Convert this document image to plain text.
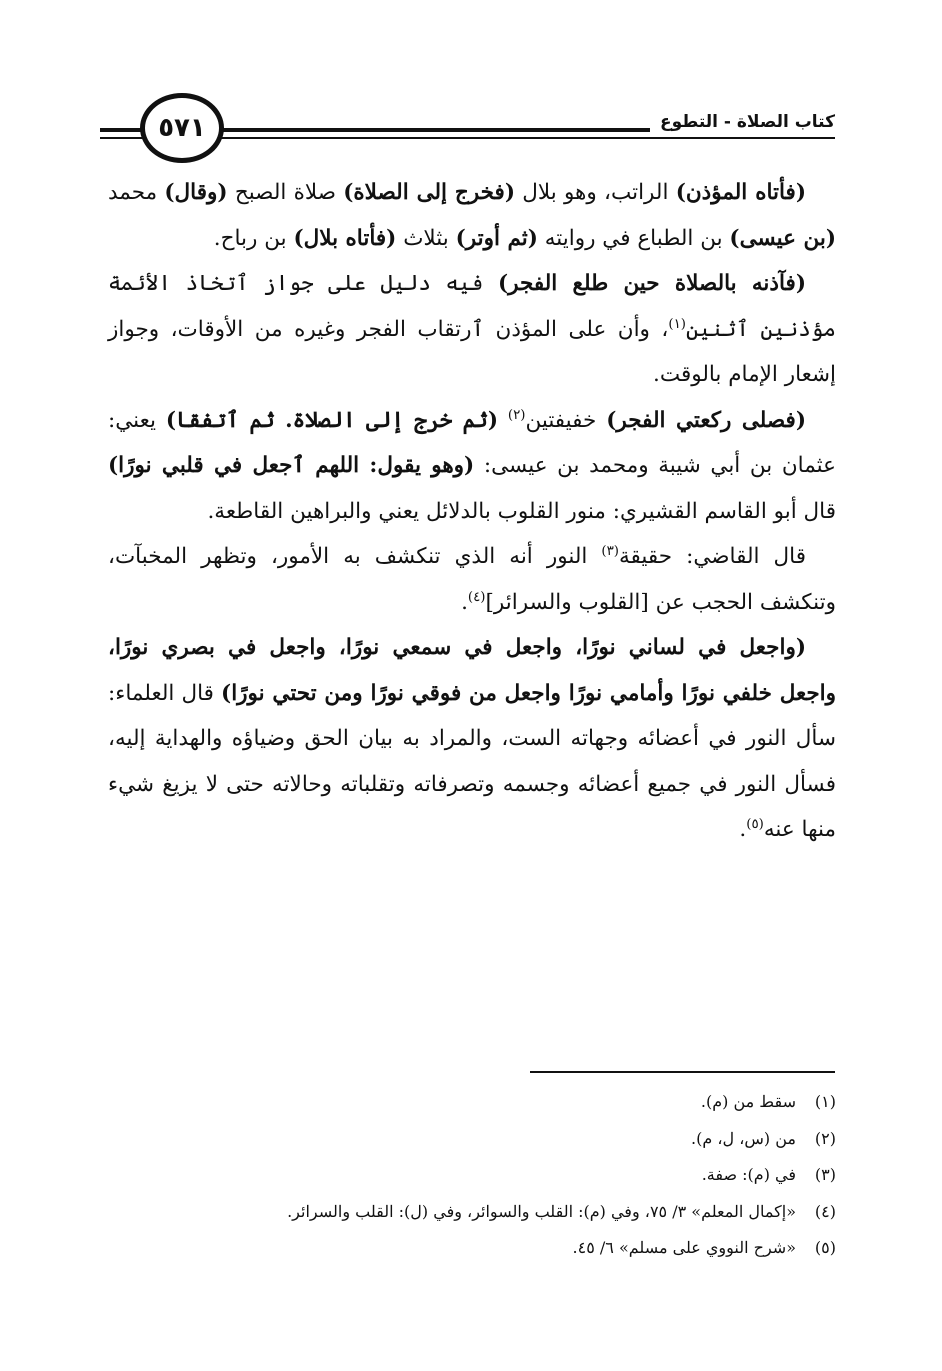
كتاب الصلاة - التطوع
٥٧١

(فأتاه المؤذن) الراتب، وهو بلال (فخرج إلى الصلاة) صلاة الصبح (وقال) محمد (بن عيسى) بن الطباع في روايته (ثم أوتر) بثلاث (فأتاه بلال) بن رباح.

(فآذنه بالصلاة حين طلع الفجر) فيه دليل على جواز ٱتخاذ الأئمة مؤذنين ٱثنين$^{(١)}$، وأن على المؤذن ٱرتقاب الفجر وغيره من الأوقات، وجواز إشعار الإمام بالوقت.

(فصلى ركعتي الفجر) خفيفتين$^{(٢)}$ (ثم خرج إلى الصلاة. ثم ٱتفقا) يعني: عثمان بن أبي شيبة ومحمد بن عيسى: (وهو يقول: اللهم ٱجعل في قلبي نورًا) قال أبو القاسم القشيري: منور القلوب بالدلائل يعني والبراهين القاطعة.

قال القاضي: حقيقة$^{(٣)}$ النور أنه الذي تنكشف به الأمور، وتظهر المخبآت، وتنكشف الحجب عن [القلوب والسرائر]$^{(٤)}$.

(واجعل في لساني نورًا، واجعل في سمعي نورًا، واجعل في بصري نورًا، واجعل خلفي نورًا وأمامي نورًا واجعل من فوقي نورًا ومن تحتي نورًا) قال العلماء: سأل النور في أعضائه وجهاته الست، والمراد به بيان الحق وضياؤه والهداية إليه، فسأل النور في جميع أعضائه وجسمه وتصرفاته وتقلباته وحالاته حتى لا يزيغ شيء منها عنه$^{(٥)}$.

(١)سقط من (م).
(٢)من (س، ل، م).
(٣)في (م): صفة.
(٤)«إكمال المعلم» ٣/ ٧٥، وفي (م): القلب والسوائر، وفي (ل): القلب والسرائر.
(٥)«شرح النووي على مسلم» ٦/ ٤٥.
